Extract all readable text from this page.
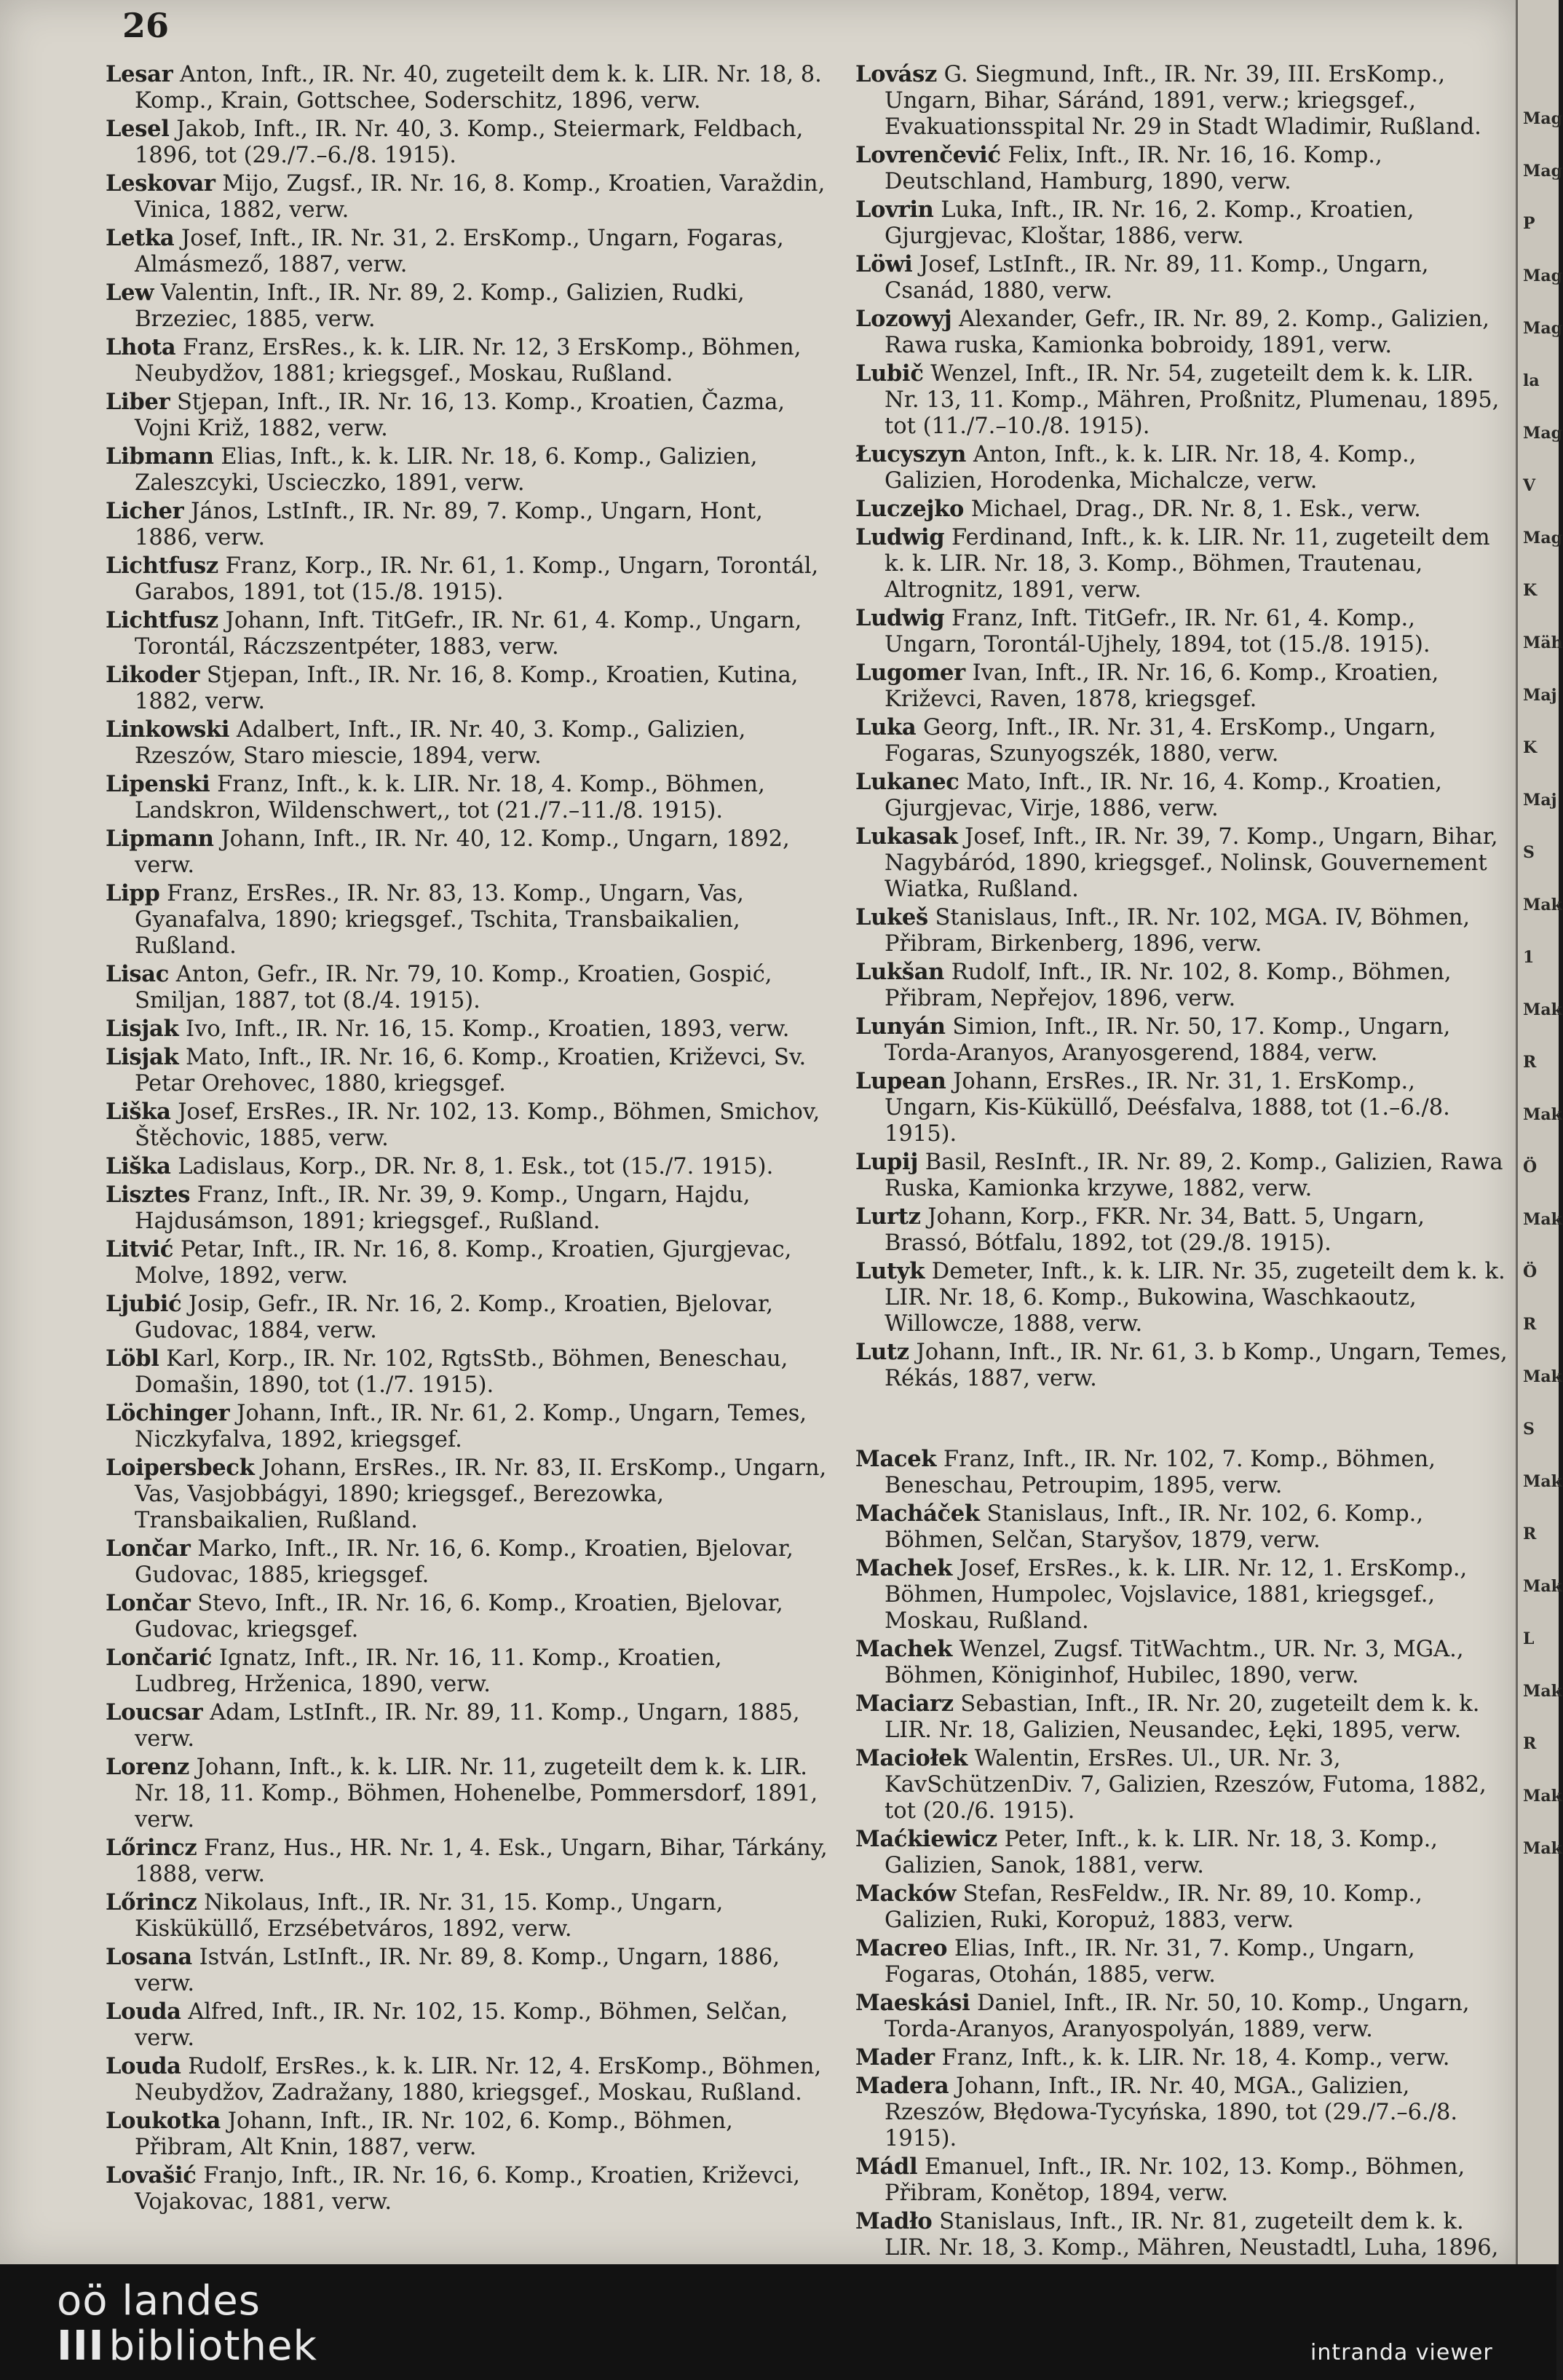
26

Lesar Anton, Inft., IR. Nr. 40, zugeteilt dem k. k. LIR. Nr. 18, 8. Komp., Krain, Gottschee, Soderschitz, 1896, verw.

Lesel Jakob, Inft., IR. Nr. 40, 3. Komp., Steiermark, Feldbach, 1896, tot (29./7.–6./8. 1915).

Leskovar Mijo, Zugsf., IR. Nr. 16, 8. Komp., Kroatien, Varaždin, Vinica, 1882, verw.

Letka Josef, Inft., IR. Nr. 31, 2. ErsKomp., Ungarn, Fogaras, Almásmező, 1887, verw.

Lew Valentin, Inft., IR. Nr. 89, 2. Komp., Galizien, Rudki, Brzeziec, 1885, verw.

Lhota Franz, ErsRes., k. k. LIR. Nr. 12, 3 ErsKomp., Böhmen, Neubydžov, 1881; kriegsgef., Moskau, Rußland.

Liber Stjepan, Inft., IR. Nr. 16, 13. Komp., Kroatien, Čazma, Vojni Križ, 1882, verw.

Libmann Elias, Inft., k. k. LIR. Nr. 18, 6. Komp., Galizien, Zaleszcyki, Uscieczko, 1891, verw.

Licher János, LstInft., IR. Nr. 89, 7. Komp., Ungarn, Hont, 1886, verw.

Lichtfusz Franz, Korp., IR. Nr. 61, 1. Komp., Ungarn, Torontál, Garabos, 1891, tot (15./8. 1915).

Lichtfusz Johann, Inft. TitGefr., IR. Nr. 61, 4. Komp., Ungarn, Torontál, Ráczszentpéter, 1883, verw.

Likoder Stjepan, Inft., IR. Nr. 16, 8. Komp., Kroatien, Kutina, 1882, verw.

Linkowski Adalbert, Inft., IR. Nr. 40, 3. Komp., Galizien, Rzeszów, Staro miescie, 1894, verw.

Lipenski Franz, Inft., k. k. LIR. Nr. 18, 4. Komp., Böhmen, Landskron, Wildenschwert,, tot (21./7.–11./8. 1915).

Lipmann Johann, Inft., IR. Nr. 40, 12. Komp., Ungarn, 1892, verw.

Lipp Franz, ErsRes., IR. Nr. 83, 13. Komp., Ungarn, Vas, Gyanafalva, 1890; kriegsgef., Tschita, Transbaikalien, Rußland.

Lisac Anton, Gefr., IR. Nr. 79, 10. Komp., Kroatien, Gospić, Smiljan, 1887, tot (8./4. 1915).

Lisjak Ivo, Inft., IR. Nr. 16, 15. Komp., Kroatien, 1893, verw.

Lisjak Mato, Inft., IR. Nr. 16, 6. Komp., Kroatien, Križevci, Sv. Petar Orehovec, 1880, kriegsgef.

Liška Josef, ErsRes., IR. Nr. 102, 13. Komp., Böhmen, Smichov, Štěchovic, 1885, verw.

Liška Ladislaus, Korp., DR. Nr. 8, 1. Esk., tot (15./7. 1915).

Lisztes Franz, Inft., IR. Nr. 39, 9. Komp., Ungarn, Hajdu, Hajdusámson, 1891; kriegsgef., Rußland.

Litvić Petar, Inft., IR. Nr. 16, 8. Komp., Kroatien, Gjurgjevac, Molve, 1892, verw.

Ljubić Josip, Gefr., IR. Nr. 16, 2. Komp., Kroatien, Bjelovar, Gudovac, 1884, verw.

Löbl Karl, Korp., IR. Nr. 102, RgtsStb., Böhmen, Beneschau, Domašin, 1890, tot (1./7. 1915).

Löchinger Johann, Inft., IR. Nr. 61, 2. Komp., Ungarn, Temes, Niczkyfalva, 1892, kriegsgef.

Loipersbeck Johann, ErsRes., IR. Nr. 83, II. ErsKomp., Ungarn, Vas, Vasjobbágyi, 1890; kriegsgef., Berezowka, Transbaikalien, Rußland.

Lončar Marko, Inft., IR. Nr. 16, 6. Komp., Kroatien, Bjelovar, Gudovac, 1885, kriegsgef.

Lončar Stevo, Inft., IR. Nr. 16, 6. Komp., Kroatien, Bjelovar, Gudovac, kriegsgef.

Lončarić Ignatz, Inft., IR. Nr. 16, 11. Komp., Kroatien, Ludbreg, Hrženica, 1890, verw.

Loucsar Adam, LstInft., IR. Nr. 89, 11. Komp., Ungarn, 1885, verw.

Lorenz Johann, Inft., k. k. LIR. Nr. 11, zugeteilt dem k. k. LIR. Nr. 18, 11. Komp., Böhmen, Hohenelbe, Pommersdorf, 1891, verw.

Lőrincz Franz, Hus., HR. Nr. 1, 4. Esk., Ungarn, Bihar, Tárkány, 1888, verw.

Lőrincz Nikolaus, Inft., IR. Nr. 31, 15. Komp., Ungarn, Kisküküllő, Erzsébetváros, 1892, verw.

Losana István, LstInft., IR. Nr. 89, 8. Komp., Ungarn, 1886, verw.

Louda Alfred, Inft., IR. Nr. 102, 15. Komp., Böhmen, Selčan, verw.

Louda Rudolf, ErsRes., k. k. LIR. Nr. 12, 4. ErsKomp., Böhmen, Neubydžov, Zadražany, 1880, kriegsgef., Moskau, Rußland.

Loukotka Johann, Inft., IR. Nr. 102, 6. Komp., Böhmen, Přibram, Alt Knin, 1887, verw.

Lovašić Franjo, Inft., IR. Nr. 16, 6. Komp., Kroatien, Križevci, Vojakovac, 1881, verw.

Lovász G. Siegmund, Inft., IR. Nr. 39, III. ErsKomp., Ungarn, Bihar, Sáránd, 1891, verw.; kriegsgef., Evakuationsspital Nr. 29 in Stadt Wladimir, Rußland.

Lovrenčević Felix, Inft., IR. Nr. 16, 16. Komp., Deutschland, Hamburg, 1890, verw.

Lovrin Luka, Inft., IR. Nr. 16, 2. Komp., Kroatien, Gjurgjevac, Kloštar, 1886, verw.

Löwi Josef, LstInft., IR. Nr. 89, 11. Komp., Ungarn, Csanád, 1880, verw.

Lozowyj Alexander, Gefr., IR. Nr. 89, 2. Komp., Galizien, Rawa ruska, Kamionka bobroidy, 1891, verw.

Lubič Wenzel, Inft., IR. Nr. 54, zugeteilt dem k. k. LIR. Nr. 13, 11. Komp., Mähren, Proßnitz, Plumenau, 1895, tot (11./7.–10./8. 1915).

Łucyszyn Anton, Inft., k. k. LIR. Nr. 18, 4. Komp., Galizien, Horodenka, Michalcze, verw.

Luczejko Michael, Drag., DR. Nr. 8, 1. Esk., verw.

Ludwig Ferdinand, Inft., k. k. LIR. Nr. 11, zugeteilt dem k. k. LIR. Nr. 18, 3. Komp., Böhmen, Trautenau, Altrognitz, 1891, verw.

Ludwig Franz, Inft. TitGefr., IR. Nr. 61, 4. Komp., Ungarn, Torontál-Ujhely, 1894, tot (15./8. 1915).

Lugomer Ivan, Inft., IR. Nr. 16, 6. Komp., Kroatien, Križevci, Raven, 1878, kriegsgef.

Luka Georg, Inft., IR. Nr. 31, 4. ErsKomp., Ungarn, Fogaras, Szunyogszék, 1880, verw.

Lukanec Mato, Inft., IR. Nr. 16, 4. Komp., Kroatien, Gjurgjevac, Virje, 1886, verw.

Lukasak Josef, Inft., IR. Nr. 39, 7. Komp., Ungarn, Bihar, Nagybáród, 1890, kriegsgef., Nolinsk, Gouvernement Wiatka, Rußland.

Lukeš Stanislaus, Inft., IR. Nr. 102, MGA. IV, Böhmen, Přibram, Birkenberg, 1896, verw.

Lukšan Rudolf, Inft., IR. Nr. 102, 8. Komp., Böhmen, Přibram, Nepřejov, 1896, verw.

Lunyán Simion, Inft., IR. Nr. 50, 17. Komp., Ungarn, Torda-Aranyos, Aranyosgerend, 1884, verw.

Lupean Johann, ErsRes., IR. Nr. 31, 1. ErsKomp., Ungarn, Kis-Küküllő, Deésfalva, 1888, tot (1.–6./8. 1915).

Lupij Basil, ResInft., IR. Nr. 89, 2. Komp., Galizien, Rawa Ruska, Kamionka krzywe, 1882, verw.

Lurtz Johann, Korp., FKR. Nr. 34, Batt. 5, Ungarn, Brassó, Bótfalu, 1892, tot (29./8. 1915).

Lutyk Demeter, Inft., k. k. LIR. Nr. 35, zugeteilt dem k. k. LIR. Nr. 18, 6. Komp., Bukowina, Waschkaoutz, Willowcze, 1888, verw.

Lutz Johann, Inft., IR. Nr. 61, 3. b Komp., Ungarn, Temes, Rékás, 1887, verw.

Macek Franz, Inft., IR. Nr. 102, 7. Komp., Böhmen, Beneschau, Petroupim, 1895, verw.

Macháček Stanislaus, Inft., IR. Nr. 102, 6. Komp., Böhmen, Selčan, Staryšov, 1879, verw.

Machek Josef, ErsRes., k. k. LIR. Nr. 12, 1. ErsKomp., Böhmen, Humpolec, Vojslavice, 1881, kriegsgef., Moskau, Rußland.

Machek Wenzel, Zugsf. TitWachtm., UR. Nr. 3, MGA., Böhmen, Königinhof, Hubilec, 1890, verw.

Maciarz Sebastian, Inft., IR. Nr. 20, zugeteilt dem k. k. LIR. Nr. 18, Galizien, Neusandec, Łęki, 1895, verw.

Maciołek Walentin, ErsRes. Ul., UR. Nr. 3, KavSchützenDiv. 7, Galizien, Rzeszów, Futoma, 1882, tot (20./6. 1915).

Maćkiewicz Peter, Inft., k. k. LIR. Nr. 18, 3. Komp., Galizien, Sanok, 1881, verw.

Macków Stefan, ResFeldw., IR. Nr. 89, 10. Komp., Galizien, Ruki, Koropuż, 1883, verw.

Macreo Elias, Inft., IR. Nr. 31, 7. Komp., Ungarn, Fogaras, Otohán, 1885, verw.

Maeskási Daniel, Inft., IR. Nr. 50, 10. Komp., Ungarn, Torda-Aranyos, Aranyospolyán, 1889, verw.

Mader Franz, Inft., k. k. LIR. Nr. 18, 4. Komp., verw.

Madera Johann, Inft., IR. Nr. 40, MGA., Galizien, Rzeszów, Błędowa-Tycyńska, 1890, tot (29./7.–6./8. 1915).

Mádl Emanuel, Inft., IR. Nr. 102, 13. Komp., Böhmen, Přibram, Konětop, 1894, verw.

Madło Stanislaus, Inft., IR. Nr. 81, zugeteilt dem k. k. LIR. Nr. 18, 3. Komp., Mähren, Neustadtl, Luha, 1896,

Mag
Mag
P
Mag
Mag
la
Mag
V
Mag
K
Mäh
Maj
K
Maj
S
Mak
1
Mak
R
Mak
Ö
Mak
Ö
R
Mak
S
Mak
R
Mak
L
Mak
R
Mak
Mak
oö landes
III bibliothek	intranda viewer
